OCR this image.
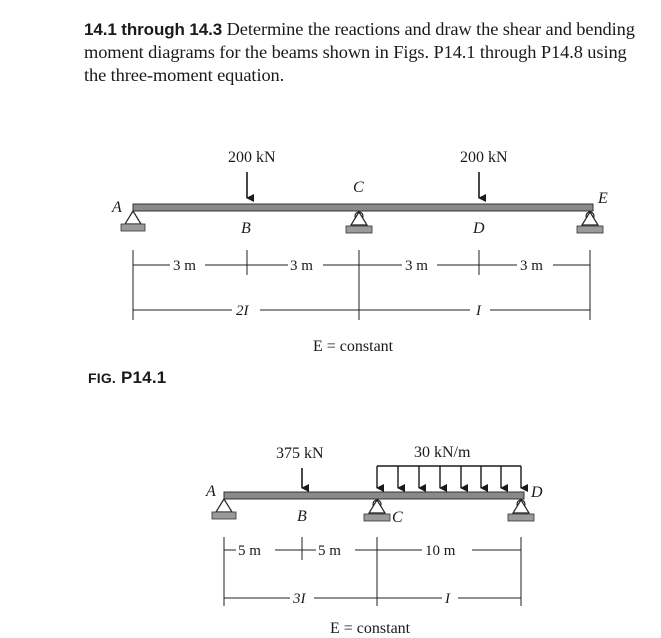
14.1 through 14.3 Determine the reactions and draw the shear and bending moment diagrams for the beams shown in Figs. P14.1 through P14.8 using the three-moment equation.
FIG. P14.1
200 kN	200 kN
A
B
C
D
E
3 m	3 m	3 m	3 m
2I	I
E = constant
375 kN	30 kN/m
A
B	C
D
5 m	5 m	10 m
3I	I
E = constant
